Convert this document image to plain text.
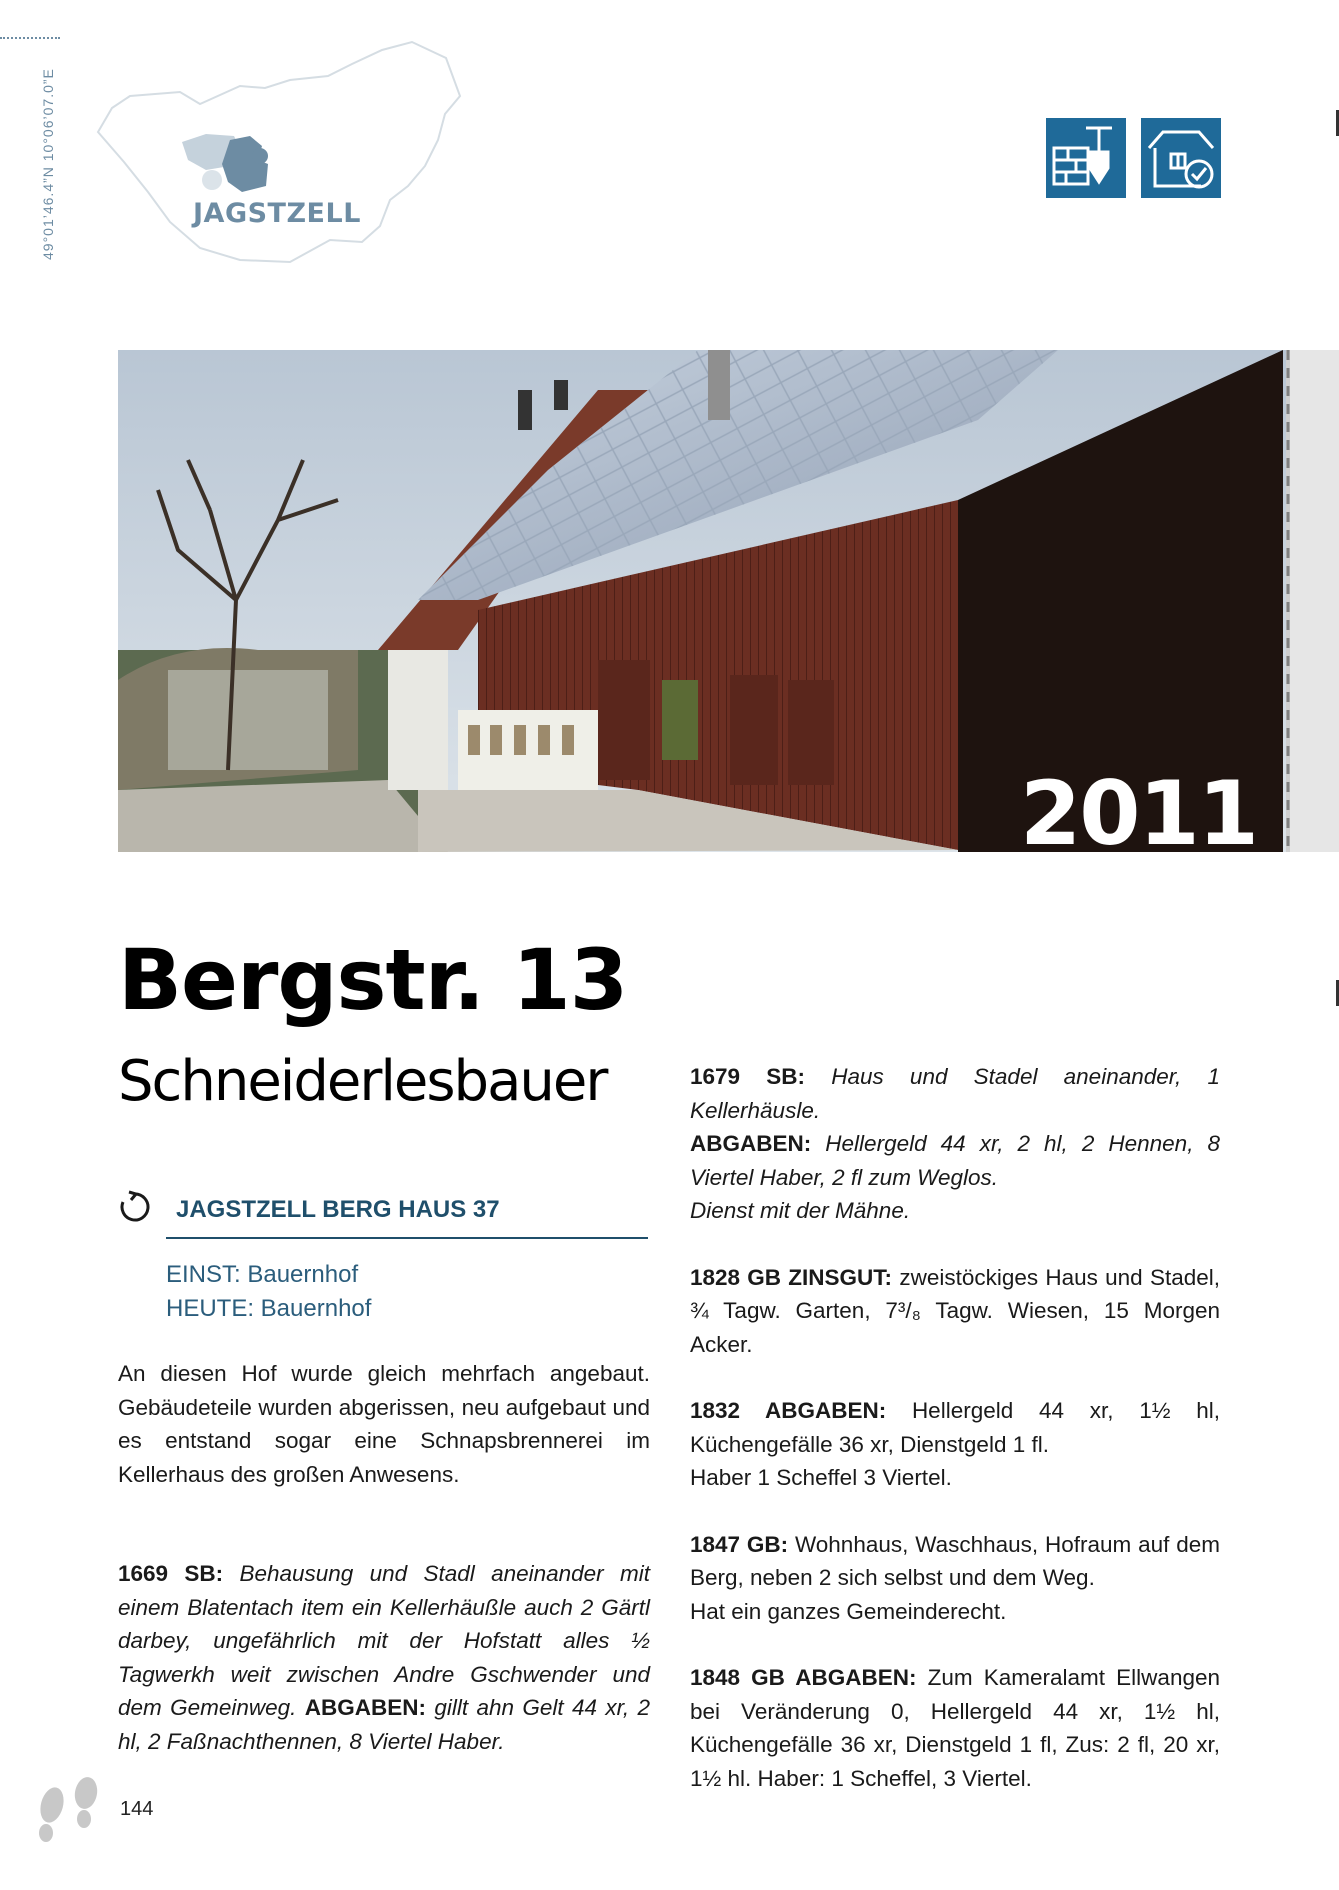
49°01’46.4”N 10°06’07.0”E	JAGSTZELL
2011
Bergstr. 13
Schneiderlesbauer
JAGSTZELL BERG HAUS 37
EINST: Bauernhof
HEUTE: Bauernhof

An diesen Hof wurde gleich mehrfach angebaut. Gebäudeteile wurden abgerissen, neu aufgebaut und es entstand sogar eine Schnapsbrennerei im Kellerhaus des großen Anwesens.

1669 SB: Behausung und Stadl aneinander mit einem Blatentach item ein Kellerhäußle auch 2 Gärtl darbey, ungefährlich mit der Hofstatt alles ½ Tagwerkh weit zwischen Andre Gschwender und dem Gemeinweg. ABGABEN: gillt ahn Gelt 44 xr, 2 hl, 2 Faßnachthennen, 8 Viertel Haber.

1679 SB: Haus und Stadel aneinander, 1 Kellerhäusle.
ABGABEN: Hellergeld 44 xr, 2 hl, 2 Hennen, 8 Viertel Haber, 2 fl zum Weglos.
Dienst mit der Mähne.

1828 GB ZINSGUT: zweistöckiges Haus und Stadel, ¾ Tagw. Garten, 7³/₈ Tagw. Wiesen, 15 Morgen Acker.

1832 ABGABEN: Hellergeld 44 xr, 1½ hl, Küchengefälle 36 xr, Dienstgeld 1 fl.
Haber 1 Scheffel 3 Viertel.

1847 GB: Wohnhaus, Waschhaus, Hofraum auf dem Berg, neben 2 sich selbst und dem Weg.
Hat ein ganzes Gemeinderecht.

1848 GB ABGABEN: Zum Kameralamt Ellwangen bei Veränderung 0, Hellergeld 44 xr, 1½ hl, Küchengefälle 36 xr, Dienstgeld 1 fl, Zus: 2 fl, 20 xr, 1½ hl. Haber: 1 Scheffel, 3 Viertel.

144
